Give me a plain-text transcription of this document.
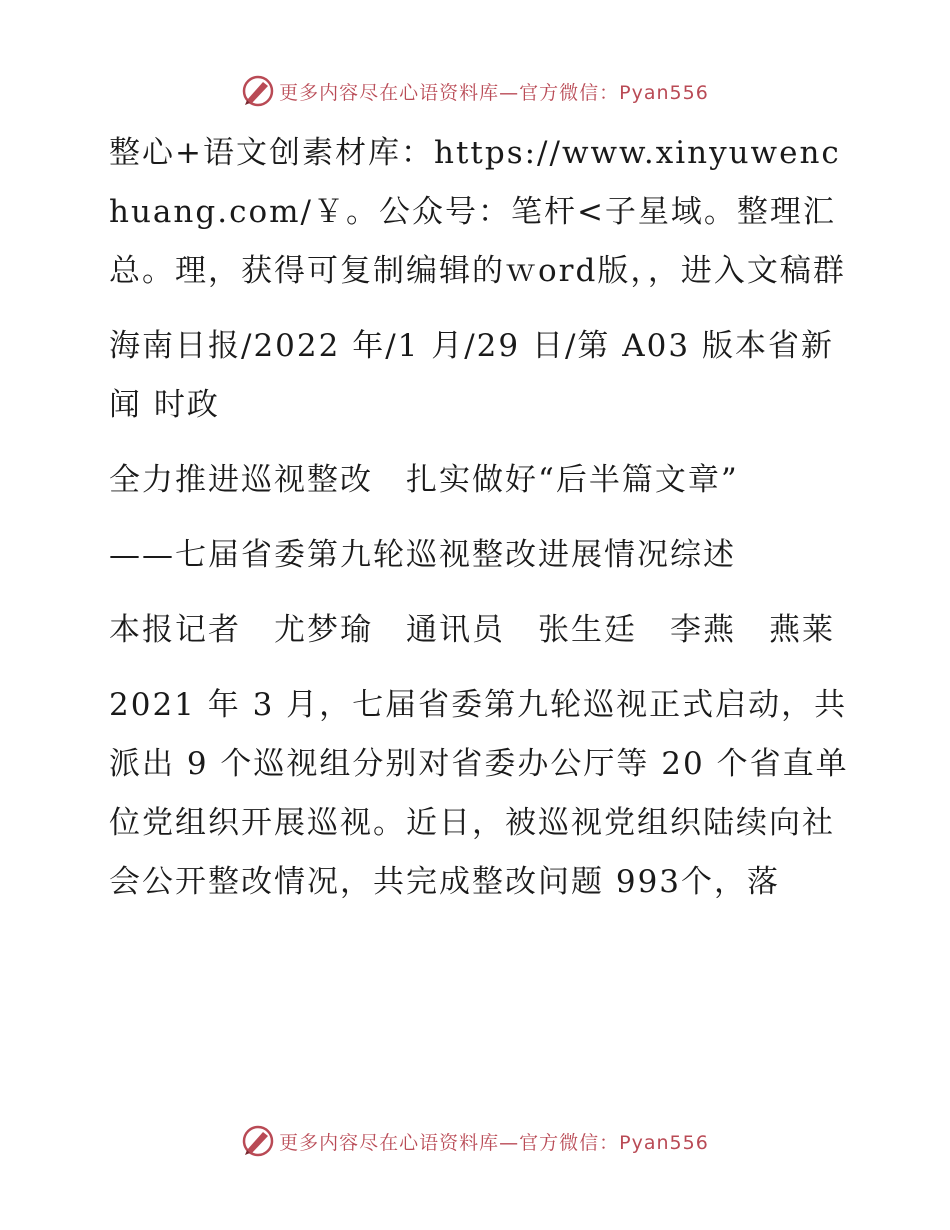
更多内容尽在心语资料库—官方微信：Pyan556

整心+语文创素材库：https://www.xinyuwenchuang.com/￥。公众号：笔杆<子星域。整理汇总。理，获得可复制编辑的ｗord版，，进入文稿群

海南日报/2022 年/1 月/29 日/第 A03 版本省新闻 时政

全力推进巡视整改　扎实做好“后半篇文章”

——七届省委第九轮巡视整改进展情况综述

本报记者　尤梦瑜　通讯员　张生廷　李燕　燕莱

2021 年 3 月，七届省委第九轮巡视正式启动，共派出 9 个巡视组分别对省委办公厅等 20 个省直单位党组织开展巡视。近日，被巡视党组织陆续向社会公开整改情况，共完成整改问题 993个，落

更多内容尽在心语资料库—官方微信：Pyan556
